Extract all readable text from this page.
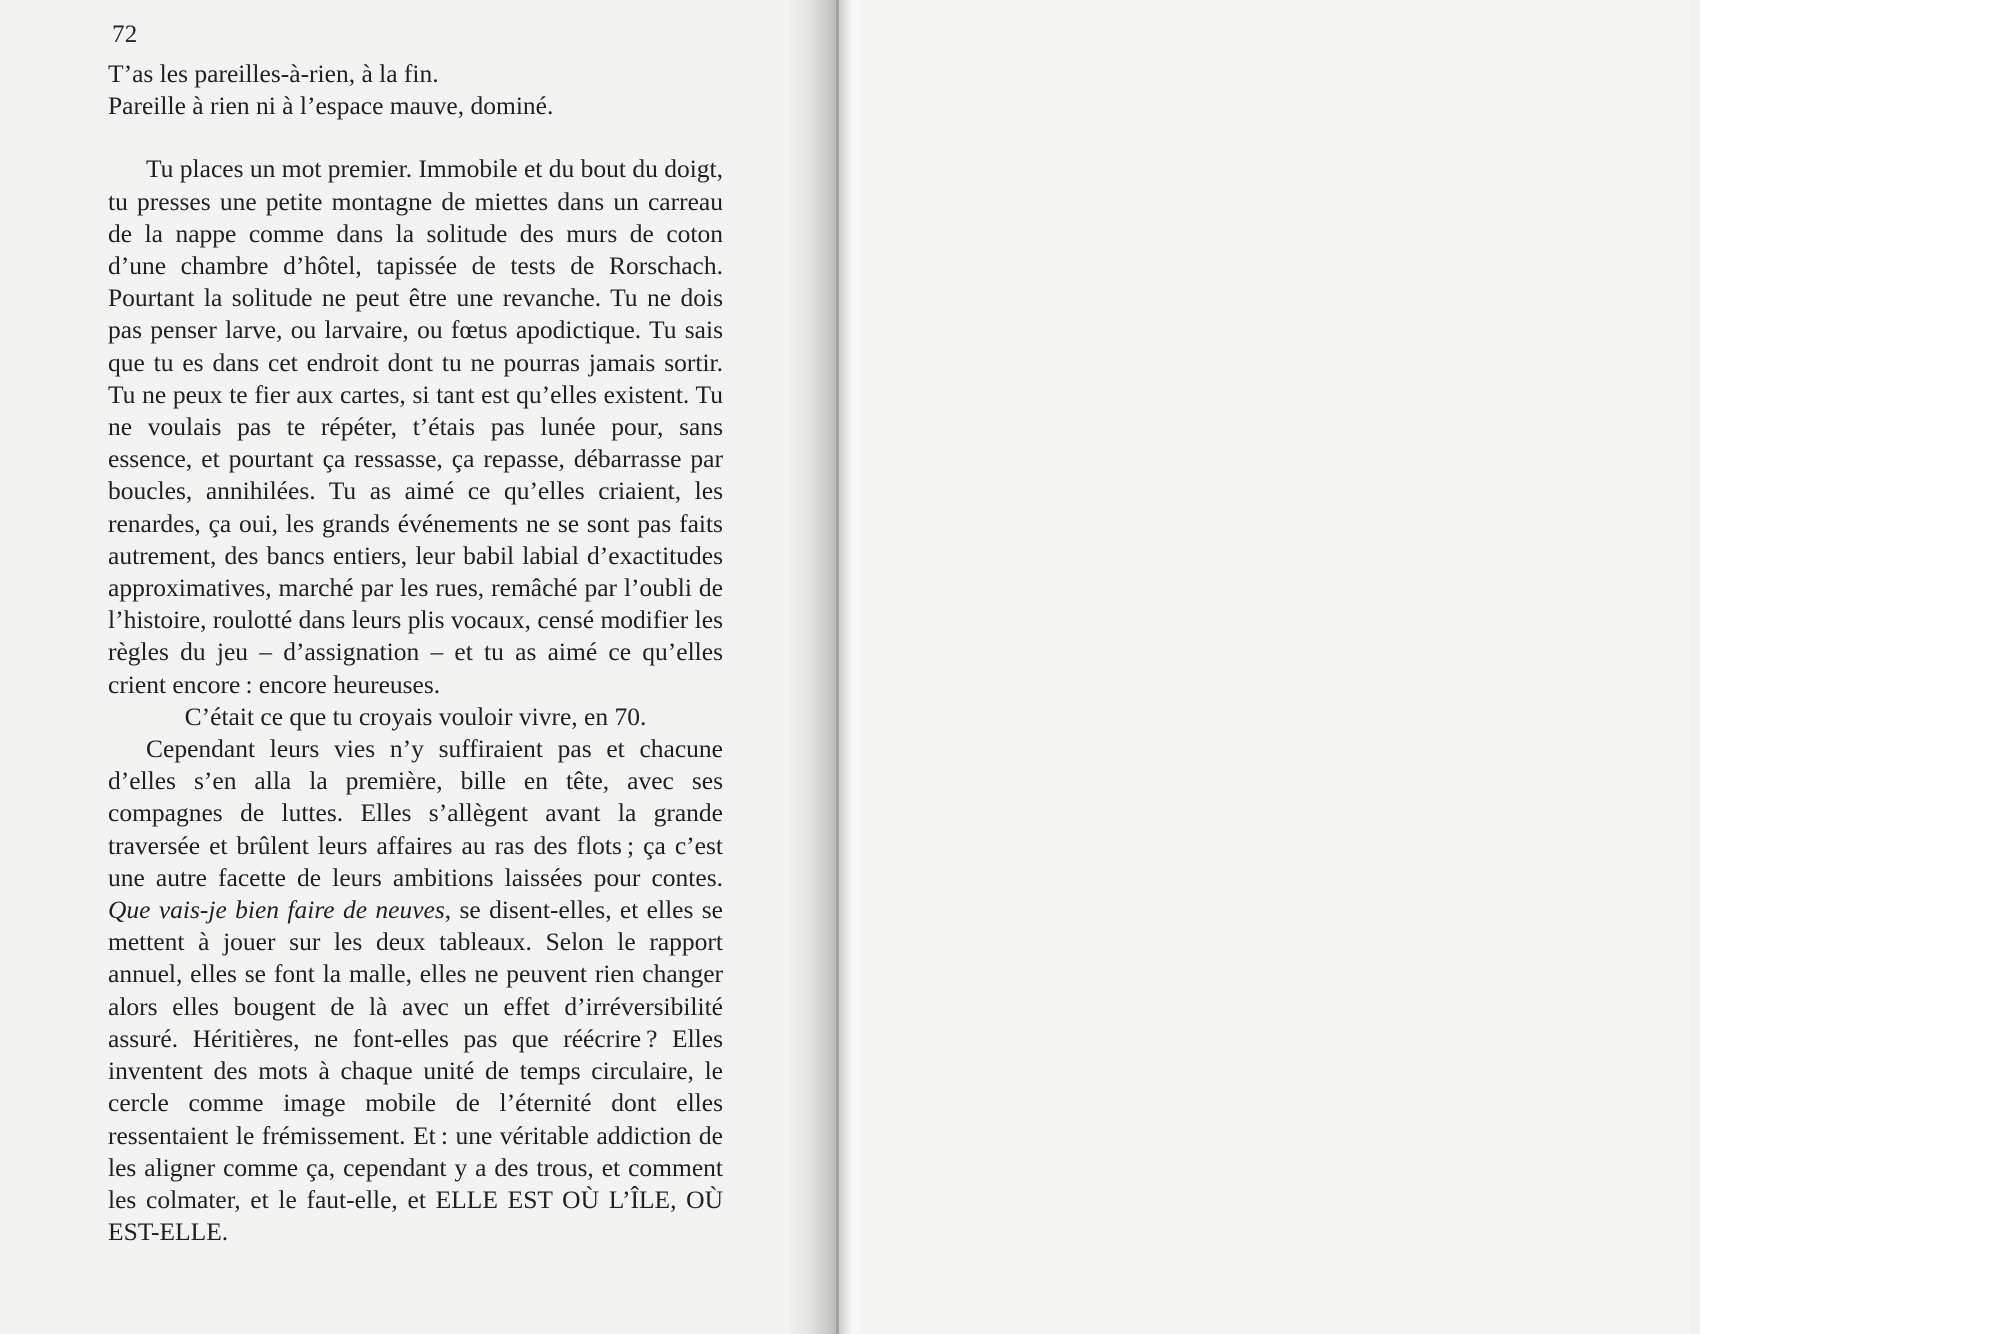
72

T’as les pareilles-à-rien, à la fin.

Pareille à rien ni à l’espace mauve, dominé.

Tu places un mot premier. Immobile et du bout du doigt, tu presses une petite montagne de miettes dans un carreau de la nappe comme dans la solitude des murs de coton d’une chambre d’hôtel, tapissée de tests de Rorschach. Pourtant la solitude ne peut être une revanche. Tu ne dois pas penser larve, ou larvaire, ou fœtus apodictique. Tu sais que tu es dans cet endroit dont tu ne pourras jamais sortir. Tu ne peux te fier aux cartes, si tant est qu’elles existent. Tu ne voulais pas te répéter, t’étais pas lunée pour, sans essence, et pourtant ça ressasse, ça repasse, débarrasse par boucles, annihilées. Tu as aimé ce qu’elles criaient, les renardes, ça oui, les grands événements ne se sont pas faits autrement, des bancs entiers, leur babil labial d’exactitudes approximatives, marché par les rues, remâché par l’oubli de l’histoire, roulotté dans leurs plis vocaux, censé modifier les règles du jeu – d’assignation – et tu as aimé ce qu’elles crient encore : encore heureuses.

C’était ce que tu croyais vouloir vivre, en 70.

Cependant leurs vies n’y suffiraient pas et chacune d’elles s’en alla la première, bille en tête, avec ses compagnes de luttes. Elles s’allègent avant la grande traversée et brûlent leurs affaires au ras des flots ; ça c’est une autre facette de leurs ambitions laissées pour contes. Que vais-je bien faire de neuves, se disent-elles, et elles se mettent à jouer sur les deux tableaux. Selon le rapport annuel, elles se font la malle, elles ne peuvent rien changer alors elles bougent de là avec un effet d’irréversibilité assuré. Héritières, ne font-elles pas que réécrire ? Elles inventent des mots à chaque unité de temps circulaire, le cercle comme image mobile de l’éternité dont elles ressentaient le frémissement. Et : une véritable addiction de les aligner comme ça, cependant y a des trous, et comment les colmater, et le faut-elle, et ELLE EST OÙ L’ÎLE, OÙ EST-ELLE.
